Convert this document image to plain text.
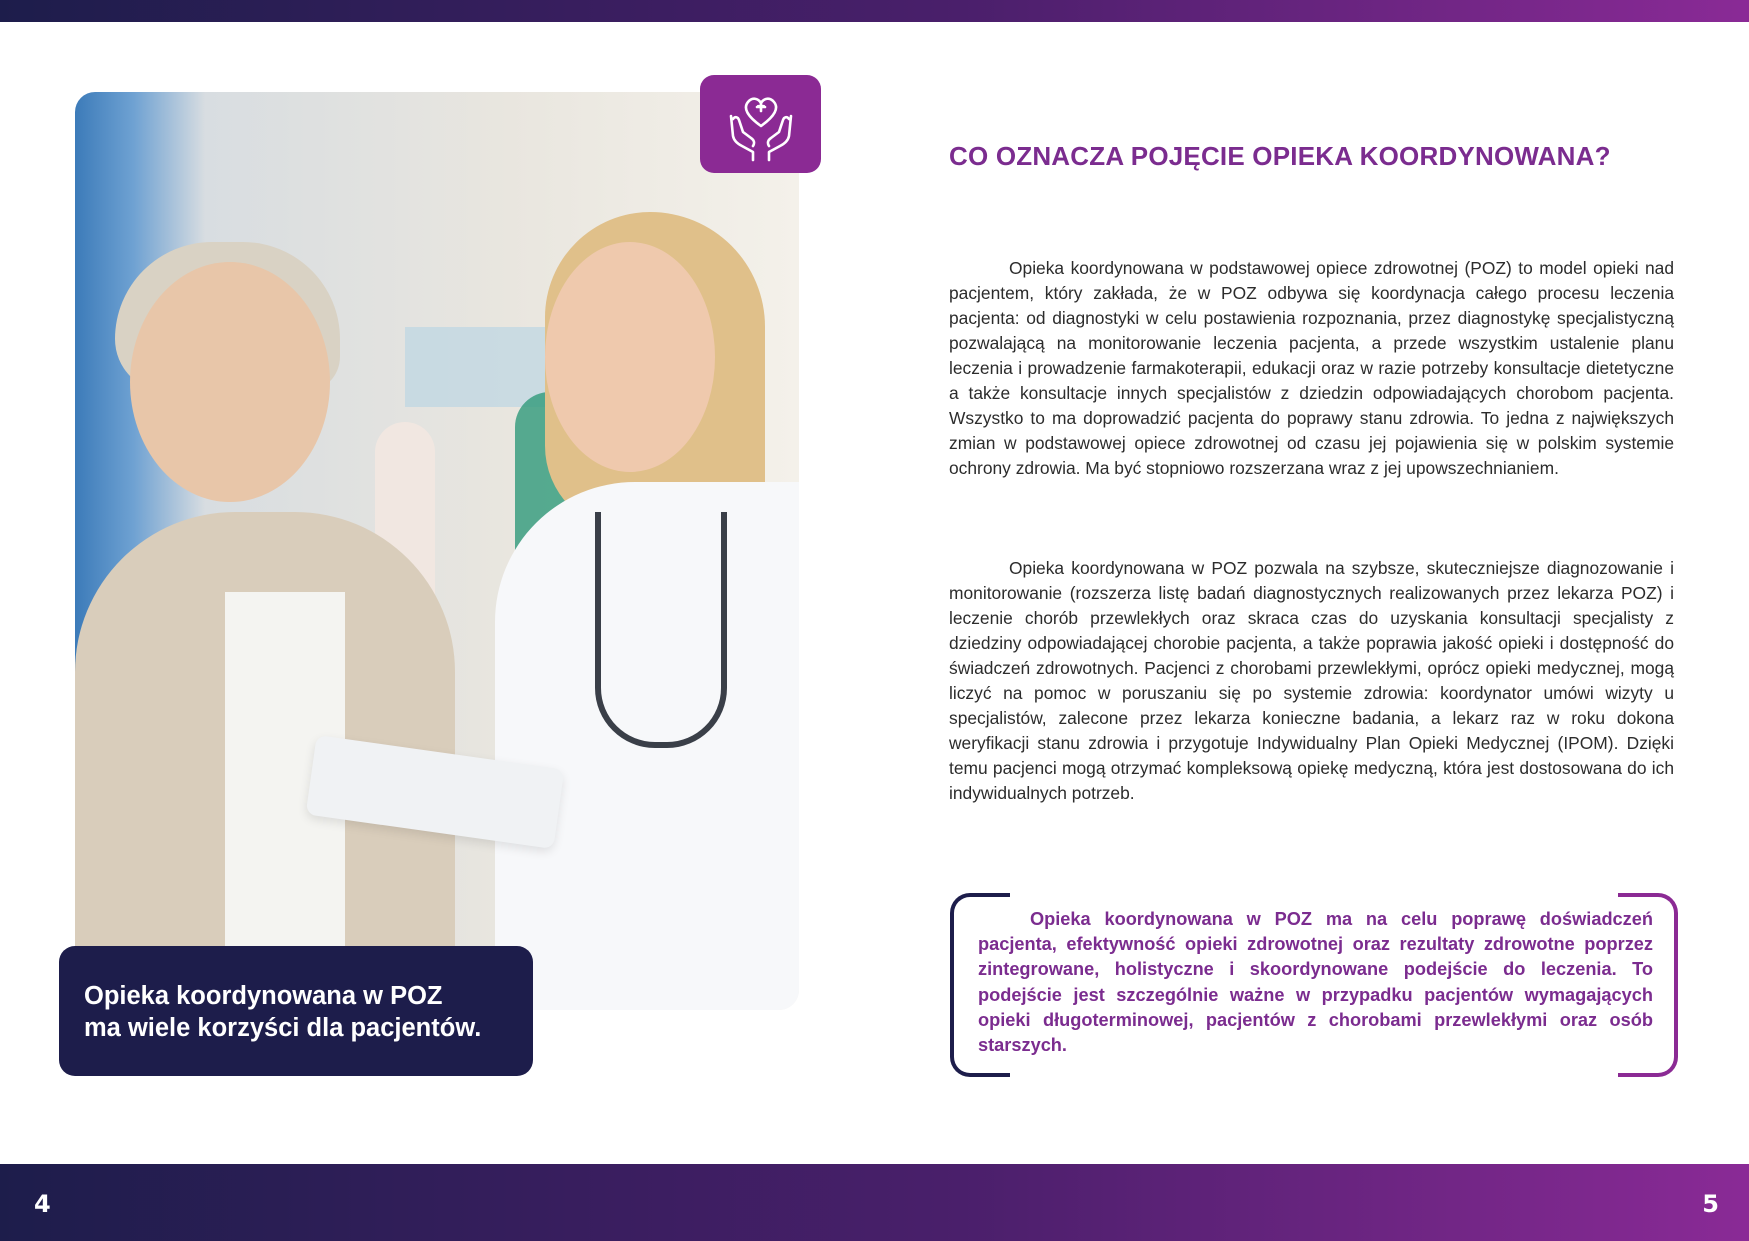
Opieka koordynowana w POZ
ma wiele korzyści dla pacjentów.
CO OZNACZA POJĘCIE OPIEKA KOORDYNOWANA?

Opieka koordynowana w podstawowej opiece zdrowotnej (POZ) to model opieki nad pacjentem, który zakłada, że w POZ odbywa się koordynacja całego procesu leczenia pacjenta: od diagnostyki w celu postawienia rozpoznania, przez diagnostykę specjalistyczną pozwalającą na monitorowanie leczenia pacjenta, a przede wszystkim ustalenie planu leczenia i prowadzenie farmakoterapii, edukacji oraz w razie potrzeby konsultacje dietetyczne a także konsultacje innych specjalistów z dziedzin odpowiadających chorobom pacjenta. Wszystko to ma doprowadzić pacjenta do poprawy stanu zdrowia. To jedna z największych zmian w podstawowej opiece zdrowotnej od czasu jej pojawienia się w polskim systemie ochrony zdrowia. Ma być stopniowo rozszerzana wraz z jej upowszechnianiem.

Opieka koordynowana w POZ pozwala na szybsze, skuteczniejsze diagnozowanie i monitorowanie (rozszerza listę badań diagnostycznych realizowanych przez lekarza POZ) i leczenie chorób przewlekłych oraz skraca czas do uzyskania konsultacji specjalisty z dziedziny odpowiadającej chorobie pacjenta, a także poprawia jakość opieki i dostępność do świadczeń zdrowotnych. Pacjenci z chorobami przewlekłymi, oprócz opieki medycznej, mogą liczyć na pomoc w poruszaniu się po systemie zdrowia: koordynator umówi wizyty u specjalistów, zalecone przez lekarza konieczne badania, a lekarz raz w roku dokona weryfikacji stanu zdrowia i przygotuje Indywidualny Plan Opieki Medycznej (IPOM). Dzięki temu pacjenci mogą otrzymać kompleksową opiekę medyczną, która jest dostosowana do ich indywidualnych potrzeb.

Opieka koordynowana w POZ ma na celu poprawę doświadczeń pacjenta, efektywność opieki zdrowotnej oraz rezultaty zdrowotne poprzez zintegrowane, holistyczne i skoordynowane podejście do leczenia. To podejście jest szczególnie ważne w przypadku pacjentów wymagających opieki długoterminowej, pacjentów z chorobami przewlekłymi oraz osób starszych.

4	5
